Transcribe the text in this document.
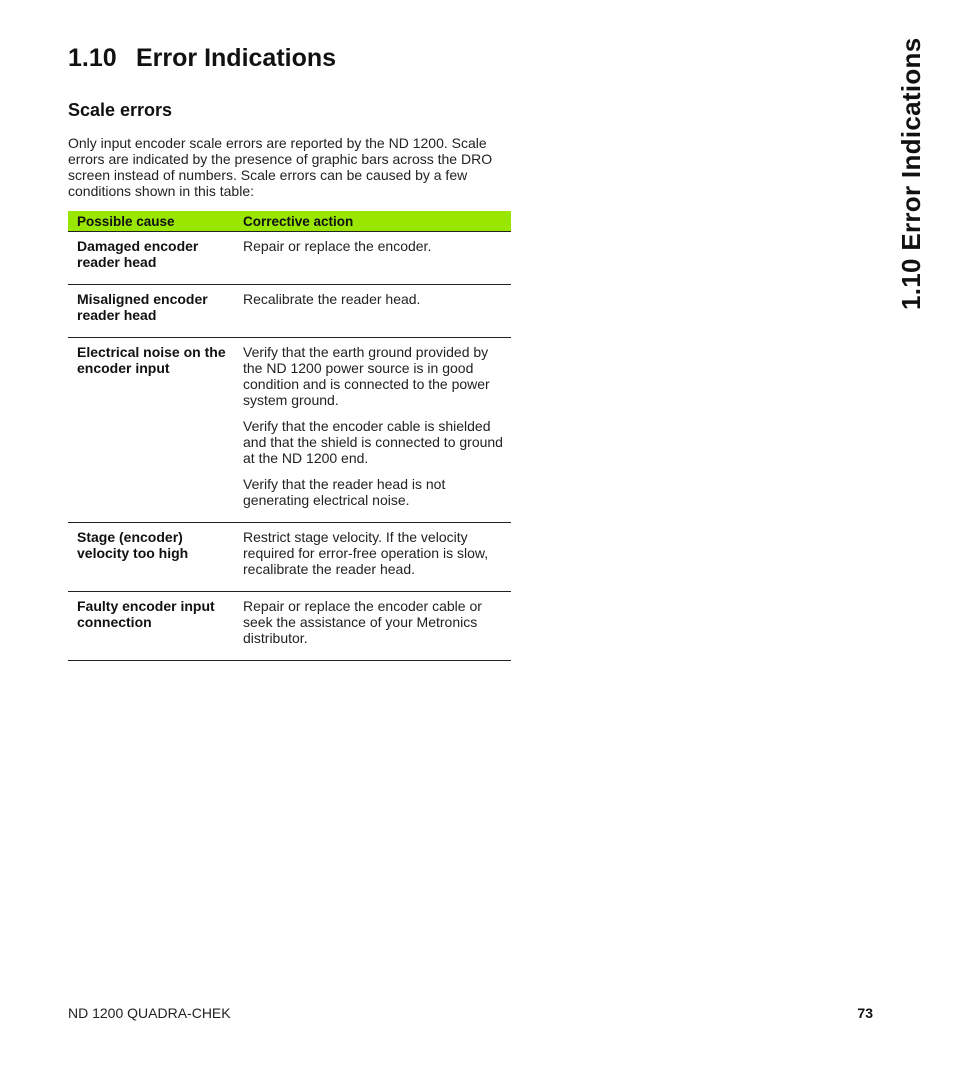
1.10 Error Indications
Scale errors

Only input encoder scale errors are reported by the ND 1200. Scale errors are indicated by the presence of graphic bars across the DRO screen instead of numbers. Scale errors can be caused by a few conditions shown in this table:

Possible cause	Corrective action
Damaged encoder reader head	Repair or replace the encoder.

Misaligned encoder reader head	Recalibrate the reader head.

Electrical noise on the encoder input	Verify that the earth ground provided by the ND 1200 power source is in good condition and is connected to the power system ground.

Verify that the encoder cable is shielded and that the shield is connected to ground at the ND 1200 end.

Verify that the reader head is not generating electrical noise.

Stage (encoder) velocity too high	Restrict stage velocity. If the velocity required for error-free operation is slow, recalibrate the reader head.

Faulty encoder input connection	Repair or replace the encoder cable or seek the assistance of your Metronics distributor.

1.10 Error Indications
ND 1200 QUADRA-CHEK	73
